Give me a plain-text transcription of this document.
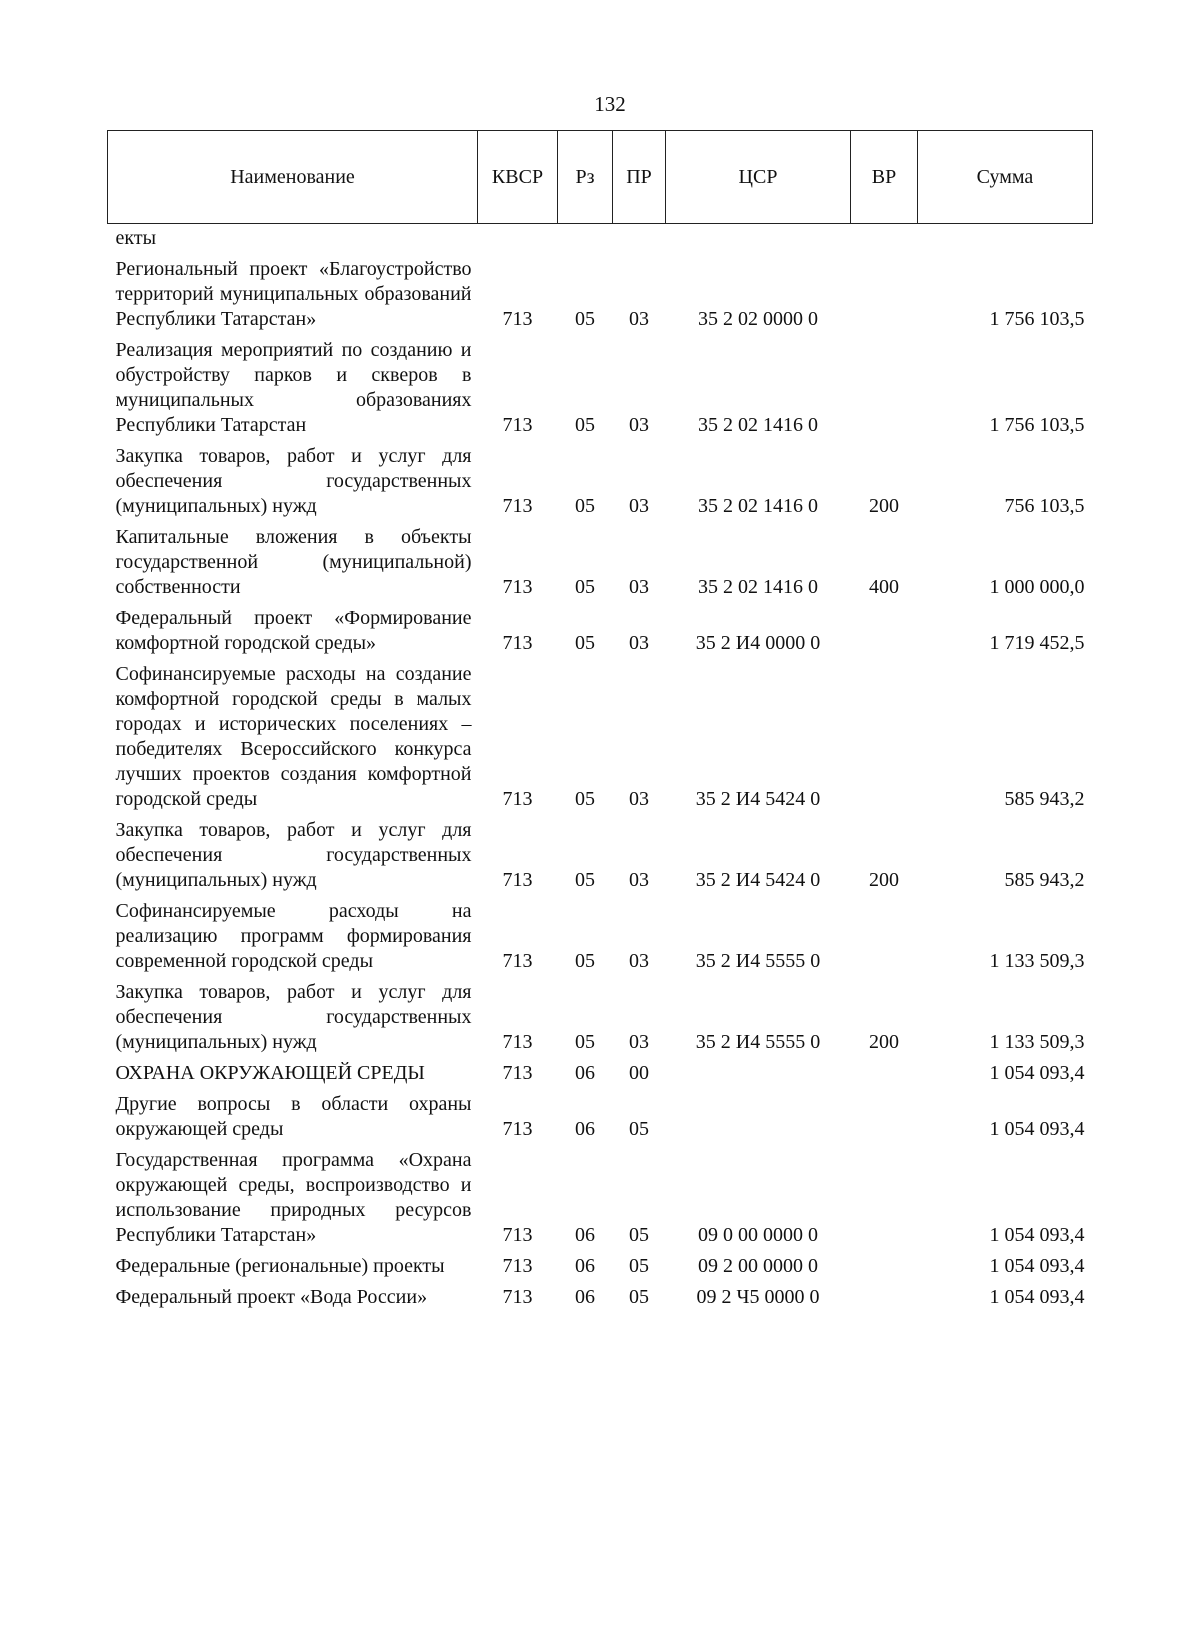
132
Наименование	КВСР	Рз	ПР	ЦСР	ВР	Сумма
екты						
Региональный проект «Благоустройство территорий муниципальных образований Республики Татарстан»	713	05	03	35 2 02 0000 0		1 756 103,5
Реализация мероприятий по созданию и обустройству парков и скверов в муниципальных образованиях Республики Татарстан	713	05	03	35 2 02 1416 0		1 756 103,5
Закупка товаров, работ и услуг для обеспечения государственных (муниципальных) нужд	713	05	03	35 2 02 1416 0	200	756 103,5
Капитальные вложения в объекты государственной (муниципальной) собственности	713	05	03	35 2 02 1416 0	400	1 000 000,0
Федеральный проект «Формирование комфортной городской среды»	713	05	03	35 2 И4 0000 0		1 719 452,5
Софинансируемые расходы на создание комфортной городской среды в малых городах и исторических поселениях – победителях Всероссийского конкурса лучших проектов создания комфортной городской среды	713	05	03	35 2 И4 5424 0		585 943,2
Закупка товаров, работ и услуг для обеспечения государственных (муниципальных) нужд	713	05	03	35 2 И4 5424 0	200	585 943,2
Софинансируемые расходы на реализацию программ формирования современной городской среды	713	05	03	35 2 И4 5555 0		1 133 509,3
Закупка товаров, работ и услуг для обеспечения государственных (муниципальных) нужд	713	05	03	35 2 И4 5555 0	200	1 133 509,3
ОХРАНА ОКРУЖАЮЩЕЙ СРЕДЫ	713	06	00			1 054 093,4
Другие вопросы в области охраны окружающей среды	713	06	05			1 054 093,4
Государственная программа «Охрана окружающей среды, воспроизводство и использование природных ресурсов Республики Татарстан»	713	06	05	09 0 00 0000 0		1 054 093,4
Федеральные (региональные) проекты	713	06	05	09 2 00 0000 0		1 054 093,4
Федеральный проект «Вода России»	713	06	05	09 2 Ч5 0000 0		1 054 093,4
